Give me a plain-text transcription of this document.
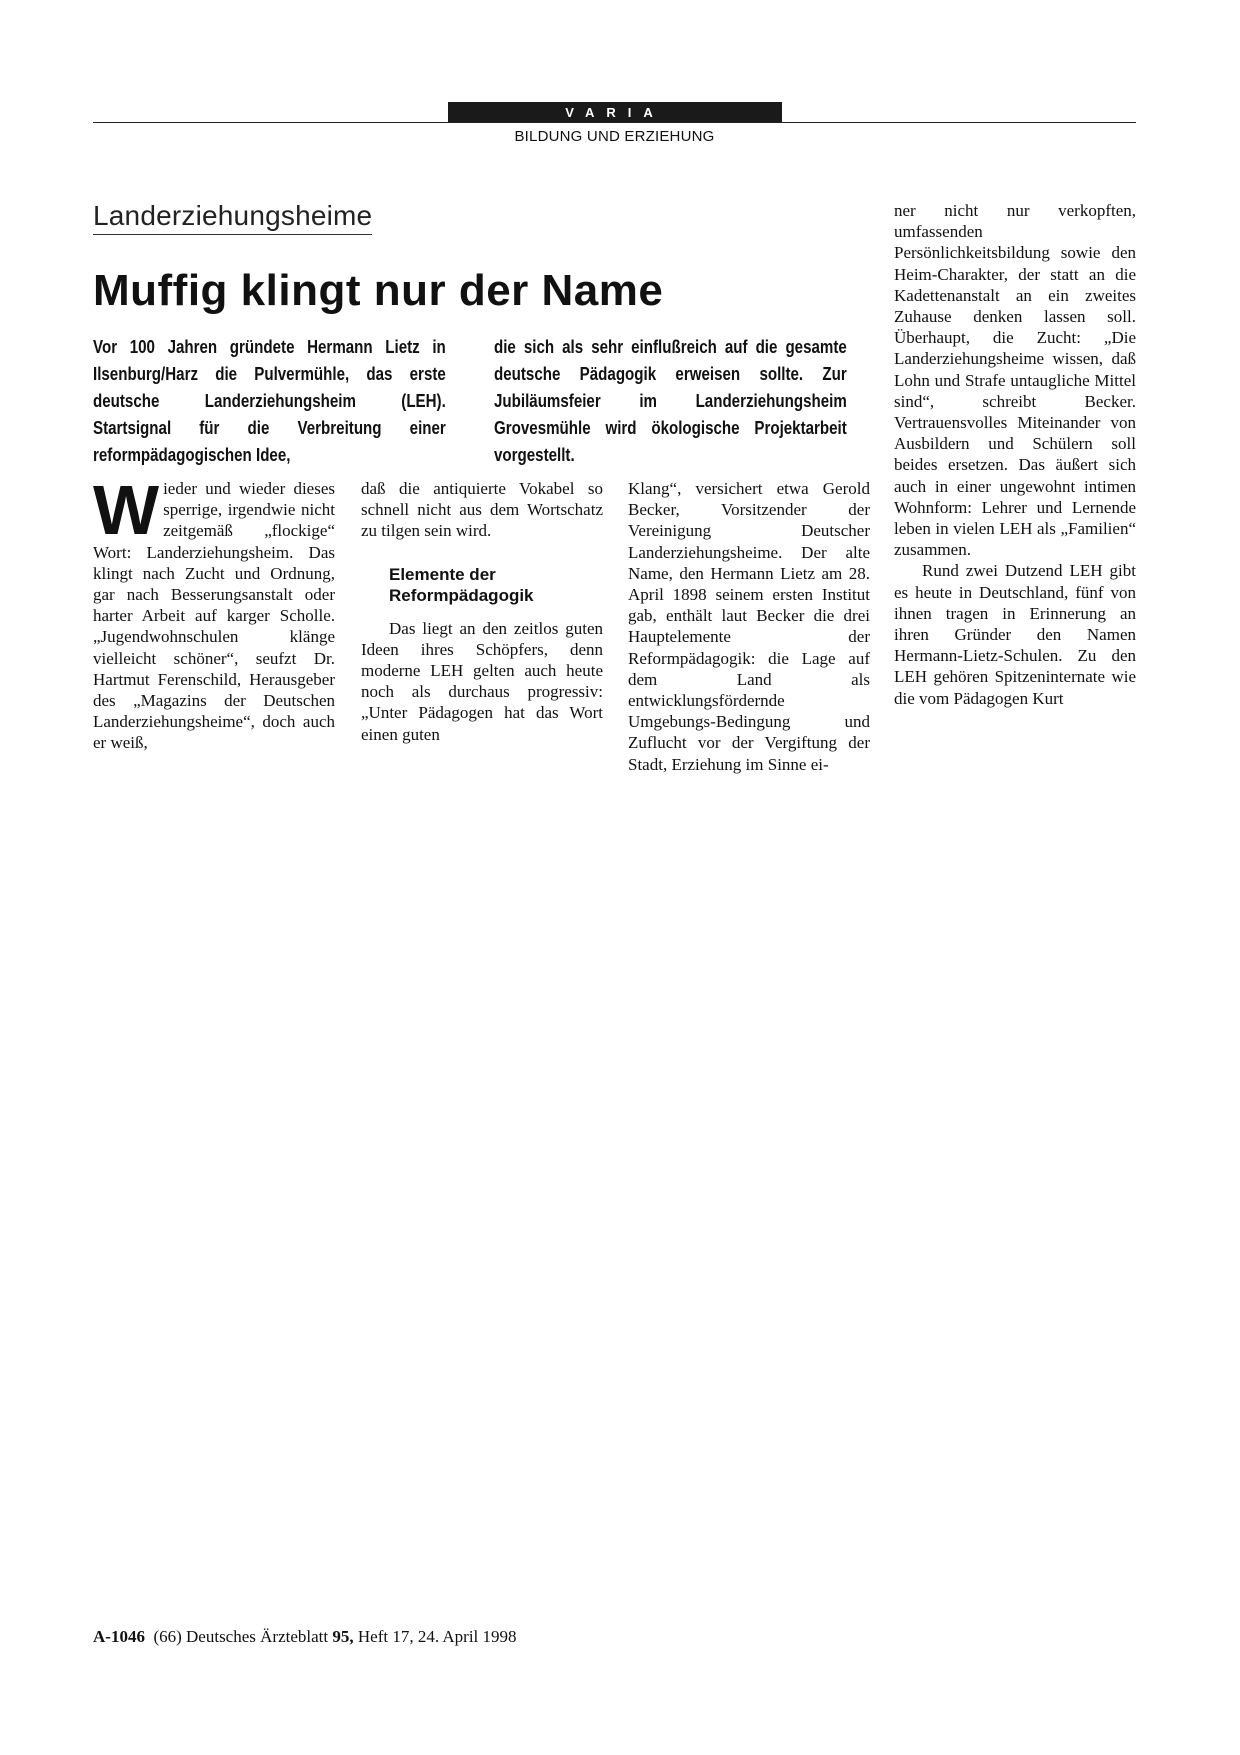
VARIA
BILDUNG UND ERZIEHUNG
Landerziehungsheime
Muffig klingt nur der Name
Vor 100 Jahren gründete Hermann Lietz in Ilsenburg/Harz die Pulvermühle, das erste deutsche Landerziehungsheim (LEH). Startsignal für die Verbreitung einer reformpädagogischen Idee,
die sich als sehr einflußreich auf die gesamte deutsche Pädagogik erweisen sollte. Zur Jubiläumsfeier im Landerziehungsheim Grovesmühle wird ökologische Projektarbeit vorgestellt.

Wieder und wieder dieses sperrige, irgendwie nicht zeitgemäß „flockige“ Wort: Landerziehungsheim. Das klingt nach Zucht und Ordnung, gar nach Besserungsanstalt oder harter Arbeit auf karger Scholle. „Jugendwohnschulen klänge vielleicht schöner“, seufzt Dr. Hartmut Ferenschild, Herausgeber des „Magazins der Deutschen Landerziehungsheime“, doch auch er weiß,

daß die antiquierte Vokabel so schnell nicht aus dem Wortschatz zu tilgen sein wird.

Elemente der Reformpädagogik

Das liegt an den zeitlos guten Ideen ihres Schöpfers, denn moderne LEH gelten auch heute noch als durchaus progressiv: „Unter Pädagogen hat das Wort einen guten

Klang“, versichert etwa Gerold Becker, Vorsitzender der Vereinigung Deutscher Landerziehungsheime. Der alte Name, den Hermann Lietz am 28. April 1898 seinem ersten Institut gab, enthält laut Becker die drei Hauptelemente der Reformpädagogik: die Lage auf dem Land als entwicklungsfördernde Umgebungs-Bedingung und Zuflucht vor der Vergiftung der Stadt, Erziehung im Sinne ei-

ner nicht nur verkopften, umfassenden Persönlichkeitsbildung sowie den Heim-Charakter, der statt an die Kadettenanstalt an ein zweites Zuhause denken lassen soll. Überhaupt, die Zucht: „Die Landerziehungsheime wissen, daß Lohn und Strafe untaugliche Mittel sind“, schreibt Becker. Vertrauensvolles Miteinander von Ausbildern und Schülern soll beides ersetzen. Das äußert sich auch in einer ungewohnt intimen Wohnform: Lehrer und Lernende leben in vielen LEH als „Familien“ zusammen.

Rund zwei Dutzend LEH gibt es heute in Deutschland, fünf von ihnen tragen in Erinnerung an ihren Gründer den Namen Hermann-Lietz-Schulen. Zu den LEH gehören Spitzeninternate wie die vom Pädagogen Kurt

A-1046 (66) Deutsches Ärzteblatt 95, Heft 17, 24. April 1998
